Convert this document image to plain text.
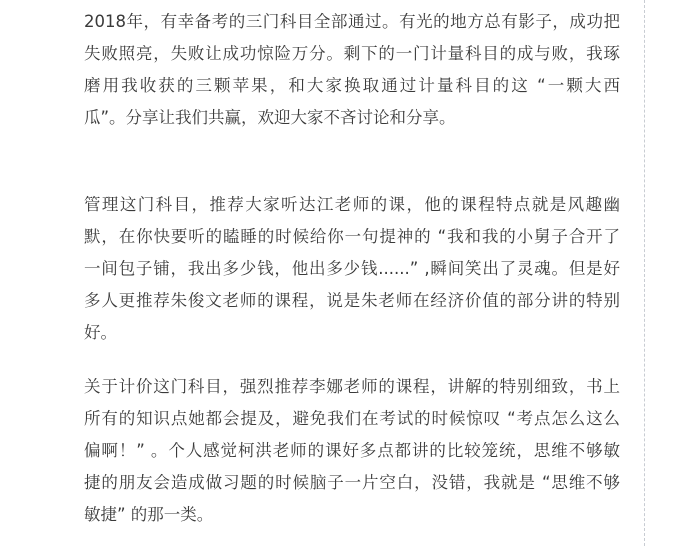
2018年，有幸备考的三门科目全部通过。有光的地方总有影子，成功把
失败照亮，失败让成功惊险万分。剩下的一门计量科目的成与败，我琢
磨用我收获的三颗苹果，和大家换取通过计量科目的这 “一颗大西
瓜”。分享让我们共赢，欢迎大家不吝讨论和分享。
管理这门科目，推荐大家听达江老师的课，他的课程特点就是风趣幽
默，在你快要听的瞌睡的时候给你一句提神的 “我和我的小舅子合开了
一间包子铺，我出多少钱，他出多少钱......” ,瞬间笑出了灵魂。但是好
多人更推荐朱俊文老师的课程，说是朱老师在经济价值的部分讲的特别
好。
关于计价这门科目，强烈推荐李娜老师的课程，讲解的特别细致，书上
所有的知识点她都会提及，避免我们在考试的时候惊叹 “考点怎么这么
偏啊！” 。个人感觉柯洪老师的课好多点都讲的比较笼统，思维不够敏
捷的朋友会造成做习题的时候脑子一片空白，没错，我就是 “思维不够
敏捷” 的那一类。
